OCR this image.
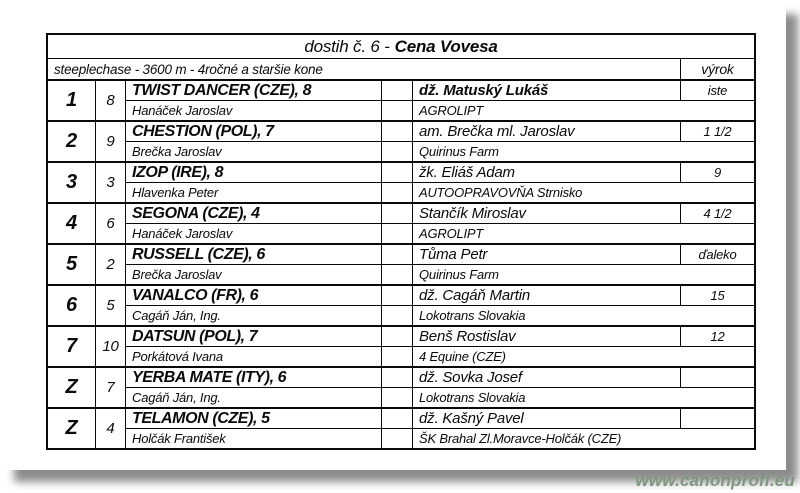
dostih č. 6 - Cena Vovesa
steeplechase - 3600 m - 4ročné a staršie kone	výrok
1	8
TWIST DANCER (CZE), 8	dž. Matuský Lukáš	iste
Hanáček Jaroslav	AGROLIPT
2	9
CHESTION (POL), 7	am. Brečka ml. Jaroslav	1 1/2
Brečka Jaroslav	Quirinus Farm
3	3
IZOP (IRE), 8	žk. Eliáš Adam	9
Hlavenka Peter	AUTOOPRAVOVŇA Strnisko
4	6
SEGONA (CZE), 4	Stančík Miroslav	4 1/2
Hanáček Jaroslav	AGROLIPT
5	2
RUSSELL (CZE), 6	Tůma Petr	ďaleko
Brečka Jaroslav	Quirinus Farm
6	5
VANALCO (FR), 6	dž. Cagáň Martin	15
Cagáň Ján, Ing.	Lokotrans Slovakia
7	10
DATSUN (POL), 7	Benš Rostislav	12
Porkátová Ivana	4 Equine (CZE)
Z	7
YERBA MATE (ITY), 6	dž. Sovka Josef
Cagáň Ján, Ing.	Lokotrans Slovakia
Z	4
TELAMON (CZE), 5	dž. Kašný Pavel
Holčák František	ŠK Brahal Zl.Moravce-Holčák (CZE)
www.canonprofi.eu
